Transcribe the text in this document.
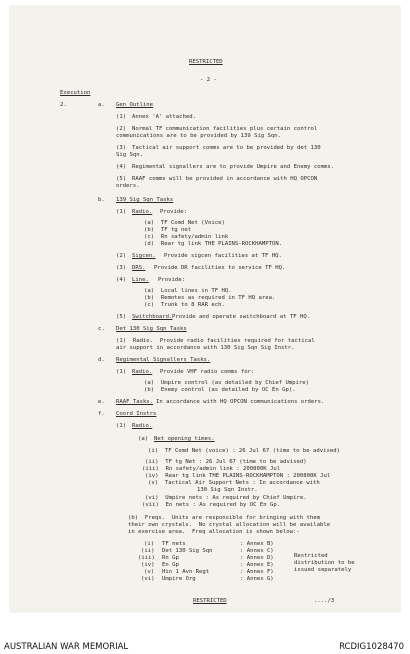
RESTRICTED
- 2 -
Execution
2.	a. Gen Outline
(1) Annex 'A' attached.
(2) Normal TF communication facilities plus certain control
communications are to be provided by 139 Sig Sqn.
(3) Tactical air support comms are to be provided by det 130
Sig Sqn.
(4) Regimental signallers are to provide Umpire and Enemy comms.
(5) RAAF comms will be provided in accordance with HQ OPCON
orders.
b. 139 Sig Sqn Tasks
(1) Radio. Provide:
(a)  TF Comd Net (Voice)
(b)  TF tg net
(c)  Rn safety/admin link
(d)  Rear tg link THE PLAINS-ROCKHAMPTON.
(2) Sigcen. Provide sigcen facilities at TF HQ.
(3) DRS. Provide DR facilities to service TF HQ.
(4) Line. Provide:
(a)  Local lines in TF HQ.
(b)  Remotes as required in TF HQ area.
(c)  Trunk to 8 RAR ech.
(5) Switchboard. Provide and operate switchboard at TF HQ.
c. Det 130 Sig Sqn Tasks
(1)  Radio.  Provide radio facilities required for tactical
air support in accordance with 130 Sig Sqn Sig Instr.
d. Regimental Signallers Tasks.
(1) Radio. Provide VHF radio comms for:
(a)  Umpire control (as detailed by Chief Umpire)
(b)  Enemy control (as detailed by OC En Gp).
e. RAAF Tasks. In accordance with HQ OPCON communications orders.
f. Coord Instrs
(1) Radio.
(a) Net opening times.
(i)  TF Comd Net (voice) : 26 Jul 67 (time to be advised)
(ii)  TF tg Net : 26 Jul 67 (time to be advised)
(iii)  Rn safety/admin link : 200800K Jul
(iv)  Rear tg link THE PLAINS-ROCKHAMPTON : 200800K Jul
(v)  Tactical Air Support Nets : In accordance with
130 Sig Sqn Instr.
(vi)  Umpire nets : As required by Chief Umpire.
(vii)  En nets : As required by OC En Gp.
(b)  Freqs.  Units are responsible for bringing with them
their own crystals.  No crystal allocation will be available
in exercise area.  Freq allocation is shown below:-
(i) TF nets	: Annex B)
(ii) Det 130 Sig Sqn	: Annex C)
(iii) Rn Gp	: Annex D)
(iv) En Gp	: Annex E)
(v) Hin 1 Avn Regt	: Annex F)
(vi) Umpire Org	: Annex G)
Restricted
distribution to be
issued separately
RESTRICTED	..../3
AUSTRALIAN WAR MEMORIAL	RCDIG1028470
